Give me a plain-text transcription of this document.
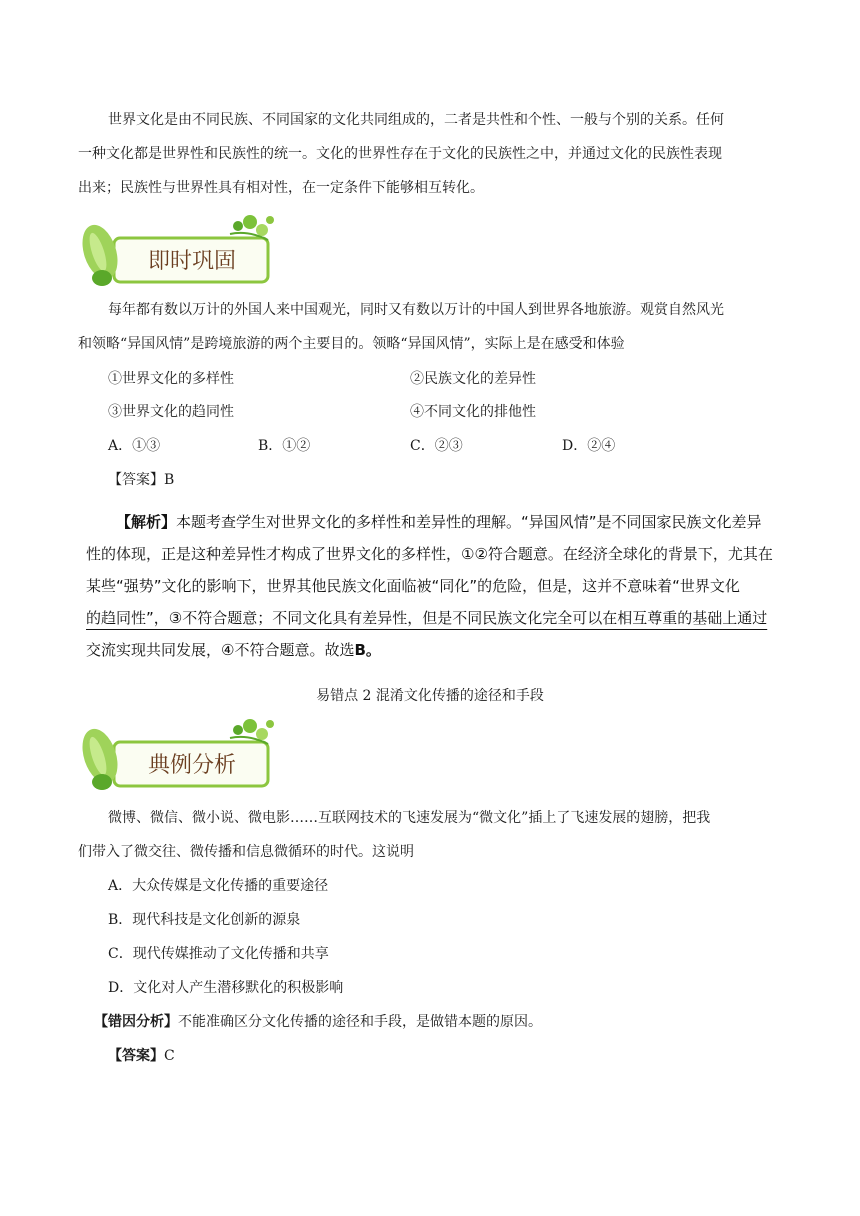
世界文化是由不同民族、不同国家的文化共同组成的，二者是共性和个性、一般与个别的关系。任何
一种文化都是世界性和民族性的统一。文化的世界性存在于文化的民族性之中，并通过文化的民族性表现
出来；民族性与世界性具有相对性，在一定条件下能够相互转化。
即时巩固
每年都有数以万计的外国人来中国观光，同时又有数以万计的中国人到世界各地旅游。观赏自然风光
和领略“异国风情”是跨境旅游的两个主要目的。领略“异国风情”，实际上是在感受和体验
①世界文化的多样性	②民族文化的差异性
③世界文化的趋同性	④不同文化的排他性
A．①③	B．①②	C．②③	D．②④
【答案】B
【解析】本题考查学生对世界文化的多样性和差异性的理解。“异国风情”是不同国家民族文化差异
性的体现，正是这种差异性才构成了世界文化的多样性，①②符合题意。在经济全球化的背景下，尤其在
某些“强势”文化的影响下，世界其他民族文化面临被“同化”的危险，但是，这并不意味着“世界文化
的趋同性”，③不符合题意；不同文化具有差异性，但是不同民族文化完全可以在相互尊重的基础上通过
交流实现共同发展，④不符合题意。故选B。
易错点 2 混淆文化传播的途径和手段
典例分析
微博、微信、微小说、微电影……互联网技术的飞速发展为“微文化”插上了飞速发展的翅膀，把我
们带入了微交往、微传播和信息微循环的时代。这说明
A．大众传媒是文化传播的重要途径
B．现代科技是文化创新的源泉
C．现代传媒推动了文化传播和共享
D．文化对人产生潜移默化的积极影响
【错因分析】不能准确区分文化传播的途径和手段，是做错本题的原因。
【答案】C
